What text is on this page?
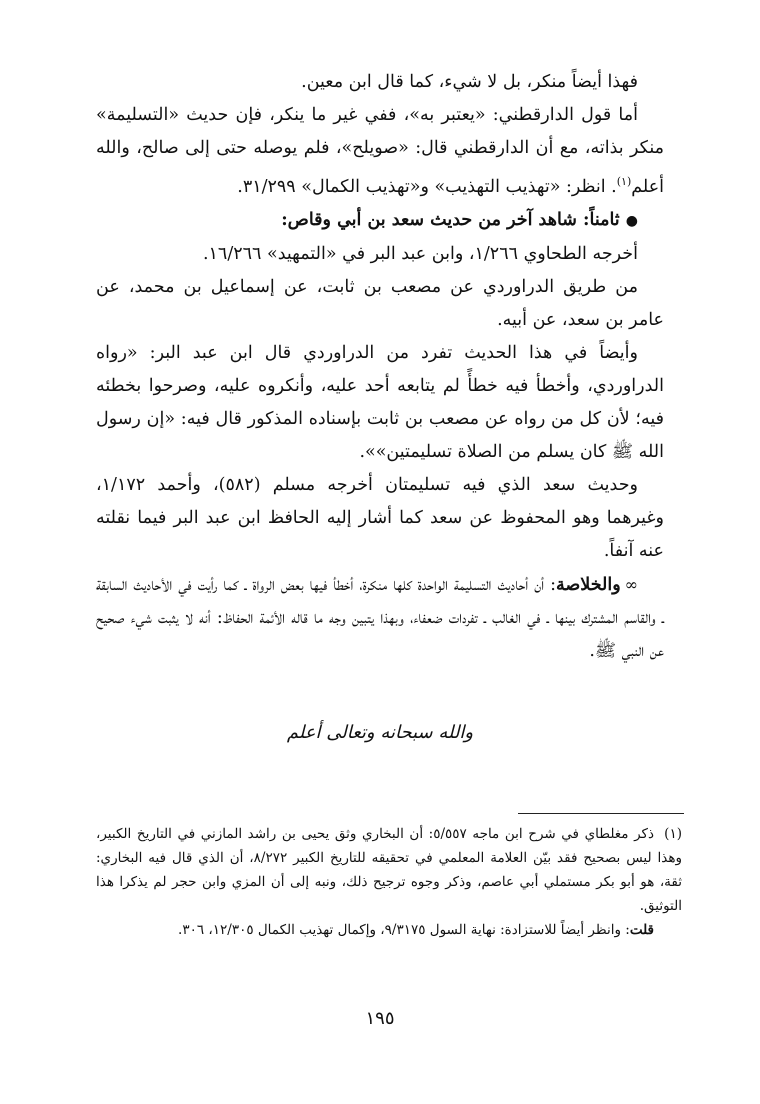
فهذا أيضاً منكر، بل لا شيء، كما قال ابن معين.

أما قول الدارقطني: «يعتبر به»، ففي غير ما ينكر، فإن حديث «التسليمة» منكر بذاته، مع أن الدارقطني قال: «صويلح»، فلم يوصله حتى إلى صالح، والله أعلم$^{(١)}$. انظر: «تهذيب التهذيب» و«تهذيب الكمال» ٣١/٢٩٩.

● ثامناً: شاهد آخر من حديث سعد بن أبي وقاص:

أخرجه الطحاوي ١/٢٦٦، وابن عبد البر في «التمهيد» ١٦/٢٦٦.

من طريق الدراوردي عن مصعب بن ثابت، عن إسماعيل بن محمد، عن عامر بن سعد، عن أبيه.

وأيضاً في هذا الحديث تفرد من الدراوردي قال ابن عبد البر: «رواه الدراوردي، وأخطأ فيه خطأً لم يتابعه أحد عليه، وأنكروه عليه، وصرحوا بخطئه فيه؛ لأن كل من رواه عن مصعب بن ثابت بإسناده المذكور قال فيه: «إن رسول الله ﷺ كان يسلم من الصلاة تسليمتين»».

وحديث سعد الذي فيه تسليمتان أخرجه مسلم (٥٨٢)، وأحمد ١/١٧٢، وغيرهما وهو المحفوظ عن سعد كما أشار إليه الحافظ ابن عبد البر فيما نقلته عنه آنفاً.

∞والخلاصة: أن أحاديث التسليمة الواحدة كلها منكرة، أخطأ فيها بعض الرواة ـ كما رأيت في الأحاديث السابقة ـ والقاسم المشترك بينها ـ في الغالب ـ تفردات ضعفاء، وبهذا يتبين وجه ما قاله الأئمة الحفاظ: أنه لا يثبت شيء صحيح عن النبي ﷺ.

والله سبحانه وتعالى أعلم

(١)ذكر مغلطاي في شرح ابن ماجه ٥/٥٥٧: أن البخاري وثق يحيى بن راشد المازني في التاريخ الكبير، وهذا ليس بصحيح فقد بيّن العلامة المعلمي في تحقيقه للتاريخ الكبير ٨/٢٧٢، أن الذي قال فيه البخاري: ثقة، هو أبو بكر مستملي أبي عاصم، وذكر وجوه ترجيح ذلك، ونبه إلى أن المزي وابن حجر لم يذكرا هذا التوثيق.

قلت: وانظر أيضاً للاستزادة: نهاية السول ٩/٣١٧٥، وإكمال تهذيب الكمال ١٢/٣٠٥، ٣٠٦.

١٩٥
